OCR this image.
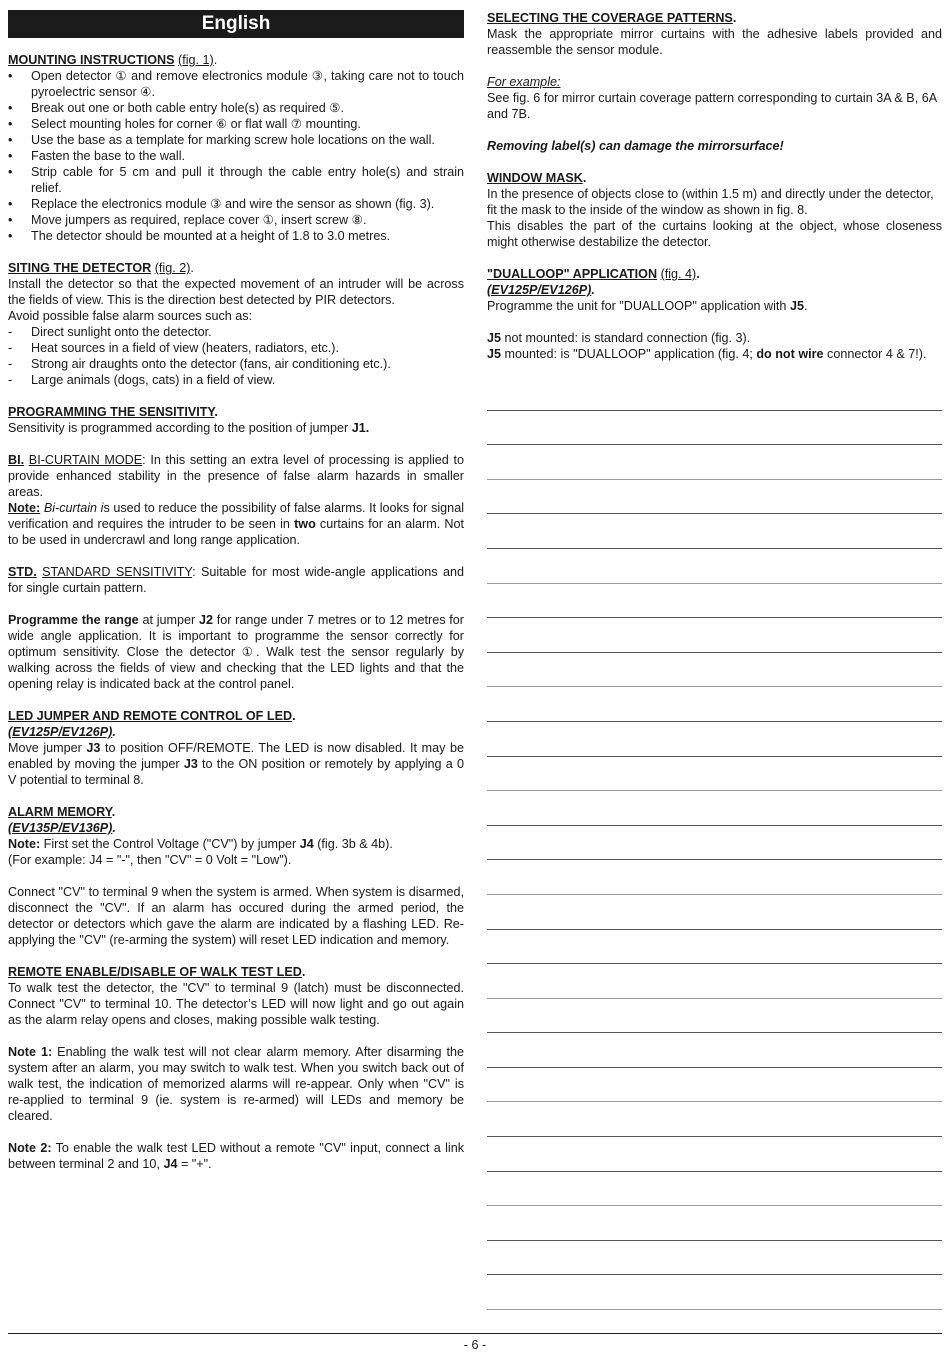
English

MOUNTING INSTRUCTIONS (fig. 1).

• Open detector ① and remove electronics module ③, taking care not to touch pyroelectric sensor ④.
• Break out one or both cable entry hole(s) as required ⑤.
• Select mounting holes for corner ⑥ or flat wall ⑦ mounting.
• Use the base as a template for marking screw hole locations on the wall.
• Fasten the base to the wall.
• Strip cable for 5 cm and pull it through the cable entry hole(s) and strain relief.
• Replace the electronics module ③ and wire the sensor as shown (fig. 3).
• Move jumpers as required, replace cover ①, insert screw ⑧.
• The detector should be mounted at a height of 1.8 to 3.0 metres.

SITING THE DETECTOR (fig. 2).

Install the detector so that the expected movement of an intruder will be across the fields of view. This is the direction best detected by PIR detectors.

Avoid possible false alarm sources such as:

- Direct sunlight onto the detector.
- Heat sources in a field of view (heaters, radiators, etc.).
- Strong air draughts onto the detector (fans, air conditioning etc.).
- Large animals (dogs, cats) in a field of view.

PROGRAMMING THE SENSITIVITY.

Sensitivity is programmed according to the position of jumper J1.

BI. BI-CURTAIN MODE: In this setting an extra level of processing is applied to provide enhanced stability in the presence of false alarm hazards in smaller areas.

Note: Bi-curtain is used to reduce the possibility of false alarms. It looks for signal verification and requires the intruder to be seen in two curtains for an alarm. Not to be used in undercrawl and long range application.

STD. STANDARD SENSITIVITY: Suitable for most wide-angle applications and for single curtain pattern.

Programme the range at jumper J2 for range under 7 metres or to 12 metres for wide angle application. It is important to programme the sensor correctly for optimum sensitivity. Close the detector ①. Walk test the sensor regularly by walking across the fields of view and checking that the LED lights and that the opening relay is indicated back at the control panel.

LED JUMPER AND REMOTE CONTROL OF LED.

(EV125P/EV126P).

Move jumper J3 to position OFF/REMOTE. The LED is now disabled. It may be enabled by moving the jumper J3 to the ON position or remotely by applying a 0 V potential to terminal 8.

ALARM MEMORY.

(EV135P/EV136P).

Note: First set the Control Voltage ("CV") by jumper J4 (fig. 3b & 4b).

(For example: J4 = "-", then "CV" = 0 Volt = "Low").

Connect "CV" to terminal 9 when the system is armed. When system is disarmed, disconnect the "CV". If an alarm has occured during the armed period, the detector or detectors which gave the alarm are indicated by a flashing LED. Re-applying the "CV" (re-arming the system) will reset LED indication and memory.

REMOTE ENABLE/DISABLE OF WALK TEST LED.

To walk test the detector, the "CV" to terminal 9 (latch) must be disconnected. Connect "CV" to terminal 10. The detector’s LED will now light and go out again as the alarm relay opens and closes, making possible walk testing.

Note 1: Enabling the walk test will not clear alarm memory. After disarming the system after an alarm, you may switch to walk test. When you switch back out of walk test, the indication of memorized alarms will re-appear. Only when "CV" is re-applied to terminal 9 (ie. system is re-armed) will LEDs and memory be cleared.

Note 2: To enable the walk test LED without a remote "CV" input, connect a link between terminal 2 and 10, J4 = "+".

SELECTING THE COVERAGE PATTERNS.

Mask the appropriate mirror curtains with the adhesive labels provided and reassemble the sensor module.

For example:

See fig. 6 for mirror curtain coverage pattern corresponding to curtain 3A & B, 6A and 7B.

Removing label(s) can damage the mirrorsurface!

WINDOW MASK.

In the presence of objects close to (within 1.5 m) and directly under the detector, fit the mask to the inside of the window as shown in fig. 8.

This disables the part of the curtains looking at the object, whose closeness might otherwise destabilize the detector.

"DUALLOOP" APPLICATION (fig. 4).

(EV125P/EV126P).

Programme the unit for "DUALLOOP" application with J5.

J5 not mounted: is standard connection (fig. 3).

J5 mounted: is "DUALLOOP" application (fig. 4; do not wire connector 4 & 7!).

- 6 -
